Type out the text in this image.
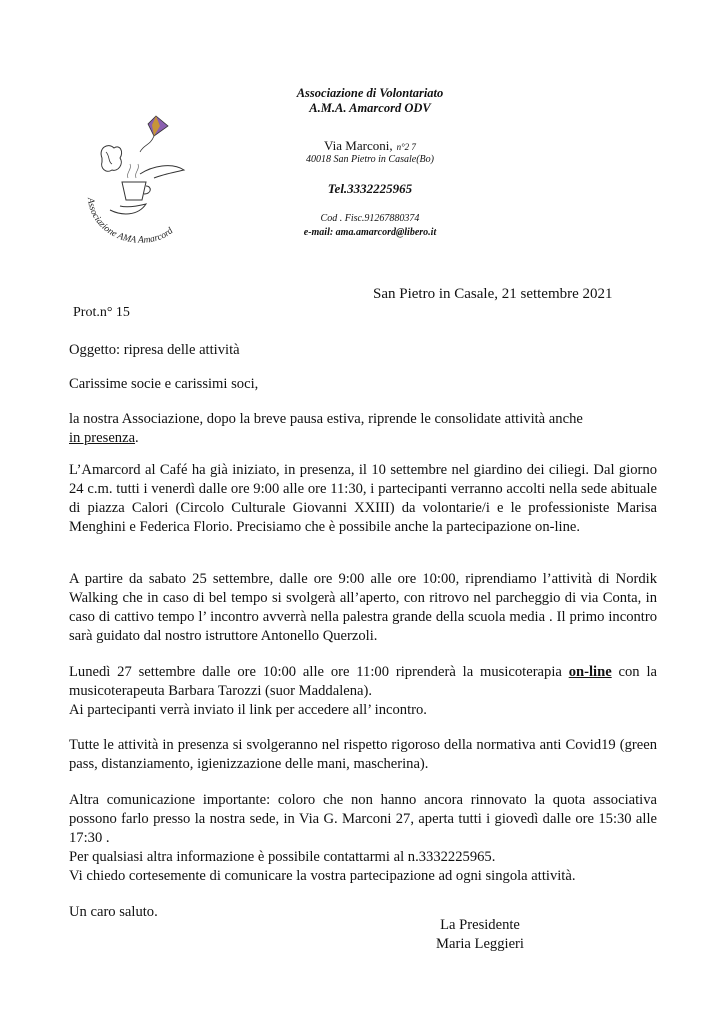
Associazione AMA Amarcord
Associazione di Volontariato
A.M.A. Amarcord ODV
Via Marconi, n°2 7
40018 San Pietro in Casale(Bo)
Tel.3332225965
Cod . Fisc.91267880374
e-mail: ama.amarcord@libero.it
San Pietro in Casale, 21 settembre 2021
Prot.n° 15
Oggetto: ripresa delle attività
Carissime socie e carissimi soci,
la nostra Associazione, dopo la breve pausa estiva, riprende le consolidate attività anche
in presenza.
L’Amarcord al Café ha già iniziato, in presenza, il 10 settembre nel giardino dei ciliegi. Dal giorno 24 c.m. tutti i venerdì dalle ore 9:00 alle ore 11:30, i partecipanti verranno accolti nella sede abituale di piazza Calori (Circolo Culturale Giovanni XXIII) da volontarie/i e le professioniste Marisa Menghini e Federica Florio. Precisiamo che è possibile anche la partecipazione on-line.
A partire da sabato 25 settembre, dalle ore 9:00 alle ore 10:00, riprendiamo l’attività di Nordik Walking che in caso di bel tempo si svolgerà all’aperto, con ritrovo nel parcheggio di via Conta, in caso di cattivo tempo l’ incontro avverrà nella palestra grande della scuola media . Il primo incontro sarà guidato dal nostro istruttore Antonello Querzoli.
Lunedì 27 settembre dalle ore 10:00 alle ore 11:00 riprenderà la musicoterapia on-line con la musicoterapeuta Barbara Tarozzi (suor Maddalena).
Ai partecipanti verrà inviato il link per accedere all’ incontro.
Tutte le attività in presenza si svolgeranno nel rispetto rigoroso della normativa anti Covid19 (green pass, distanziamento, igienizzazione delle mani, mascherina).
Altra comunicazione importante: coloro che non hanno ancora rinnovato la quota associativa possono farlo presso la nostra sede, in Via G. Marconi 27, aperta tutti i giovedì dalle ore 15:30 alle 17:30 .
Per qualsiasi altra informazione è possibile contattarmi al n.3332225965.
Vi chiedo cortesemente di comunicare la vostra partecipazione ad ogni singola attività.
Un caro saluto.
La Presidente
Maria Leggieri
